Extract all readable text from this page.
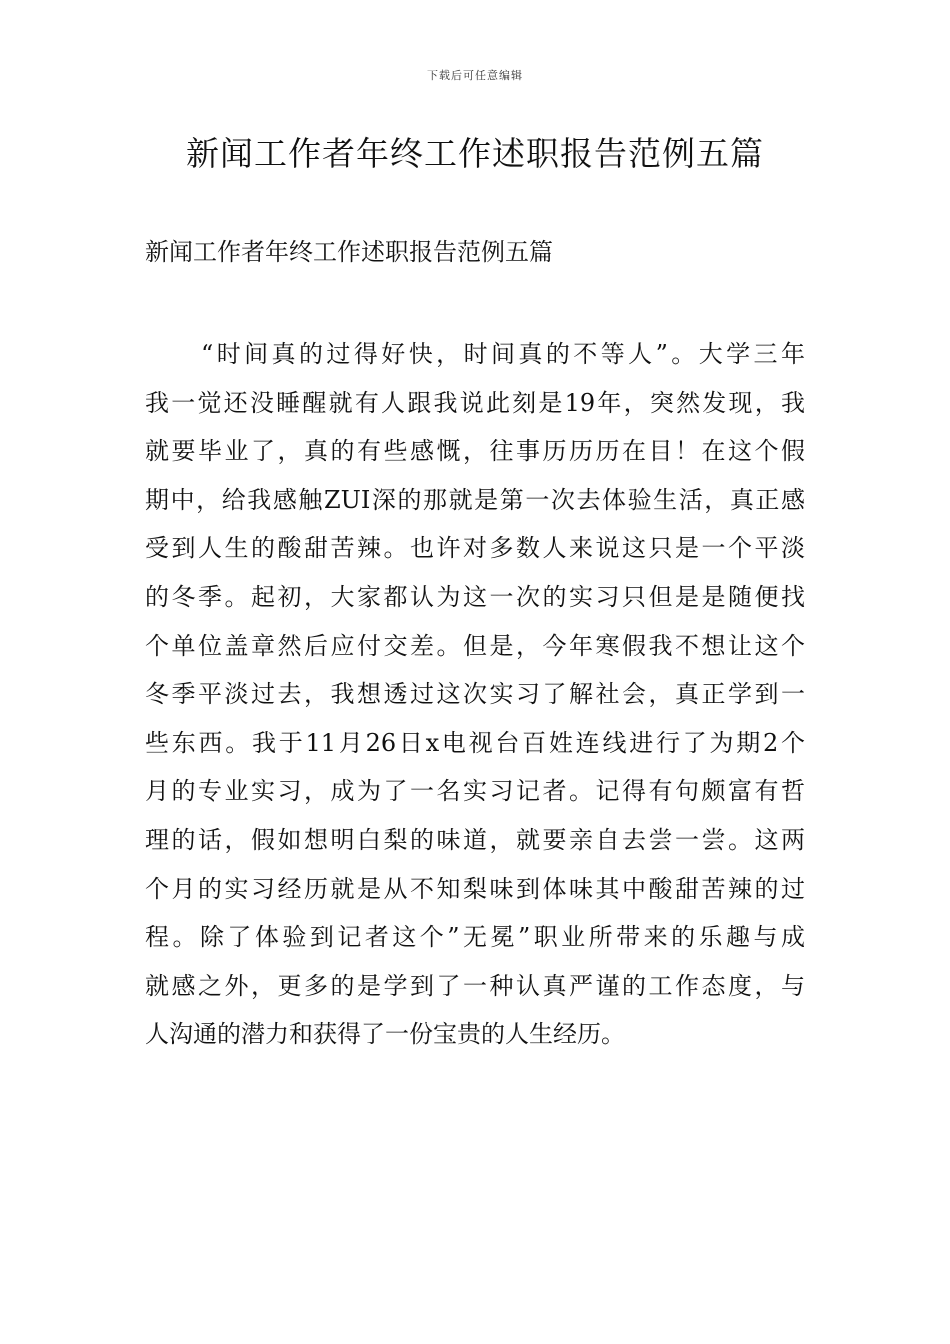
下载后可任意编辑
新闻工作者年终工作述职报告范例五篇

新闻工作者年终工作述职报告范例五篇

“时间真的过得好快，时间真的不等人”。大学三年
我一觉还没睡醒就有人跟我说此刻是19年，突然发现，我
就要毕业了，真的有些感慨，往事历历历在目！在这个假
期中，给我感触ZUI深的那就是第一次去体验生活，真正感
受到人生的酸甜苦辣。也许对多数人来说这只是一个平淡
的冬季。起初，大家都认为这一次的实习只但是是随便找
个单位盖章然后应付交差。但是，今年寒假我不想让这个
冬季平淡过去，我想透过这次实习了解社会，真正学到一
些东西。我于11月26日x电视台百姓连线进行了为期2个
月的专业实习，成为了一名实习记者。记得有句颇富有哲
理的话，假如想明白梨的味道，就要亲自去尝一尝。这两
个月的实习经历就是从不知梨味到体味其中酸甜苦辣的过
程。除了体验到记者这个”无冕”职业所带来的乐趣与成
就感之外，更多的是学到了一种认真严谨的工作态度，与
人沟通的潜力和获得了一份宝贵的人生经历。
